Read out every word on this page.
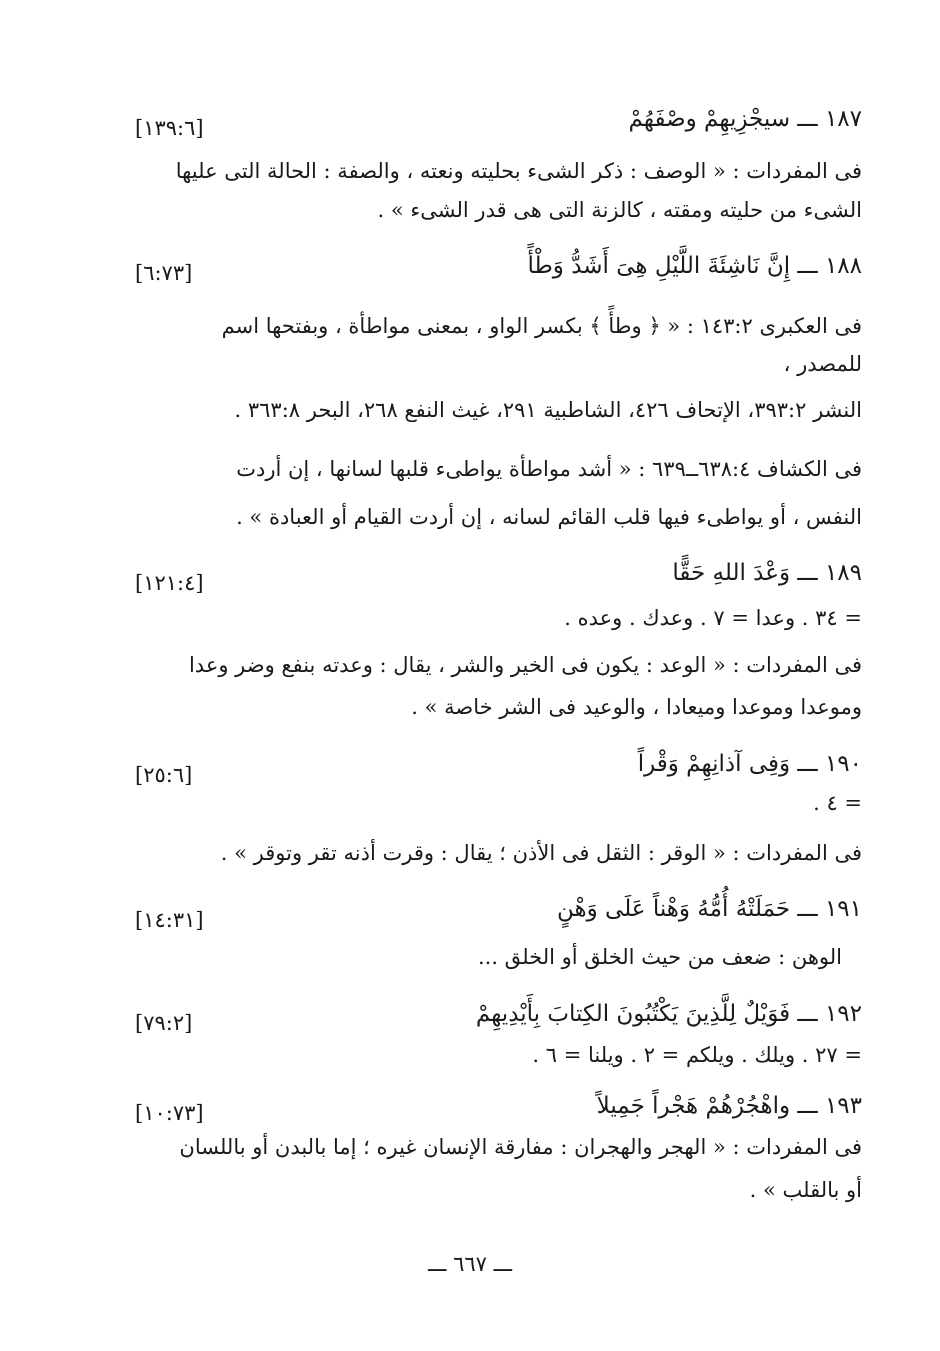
١٨٧ ـــ سيجْزِيهِمْ وصْفَهُمْ
[١٣٩:٦]
فى المفردات : « الوصف : ذكر الشىء بحليته ونعته ، والصفة : الحالة التى عليها
الشىء من حليته ومقته ، كالزنة التى هى قدر الشىء » .
١٨٨ ـــ إِنَّ نَاشِئَةَ اللَّيْلِ هِىَ أَشَدُّ وَطْأً
[٦:٧٣]
فى العكبرى ١٤٣:٢ : « ﴿ وطأً ﴾ بكسر الواو ، بمعنى مواطأة ، وبفتحها اسم
للمصدر ،
النشر ٣٩٣:٢، الإتحاف ٤٢٦، الشاطبية ٢٩١، غيث النفع ٢٦٨، البحر ٣٦٣:٨ .
فى الكشاف ٦٣٨:٤ــ٦٣٩ : « أشد مواطأة يواطىء قلبها لسانها ، إن أردت
النفس ، أو يواطىء فيها قلب القائم لسانه ، إن أردت القيام أو العبادة » .
١٨٩ ـــ وَعْدَ اللهِ حَقًّا
[١٢١:٤]
= ٣٤ . وعدا = ٧ . وعدك . وعده .
فى المفردات : « الوعد : يكون فى الخير والشر ، يقال : وعدته بنفع وضر وعدا
وموعدا وموعدا وميعادا ، والوعيد فى الشر خاصة » .
١٩٠ ـــ وَفِى آذانِهِمْ وَقْراً
[٢٥:٦]
= ٤ .
فى المفردات : « الوقر : الثقل فى الأذن ؛ يقال : وقرت أذنه تقر وتوقر » .
١٩١ ـــ حَمَلَتْهُ أُمُّهُ وَهْناً عَلَى وَهْنٍ
[١٤:٣١]
الوهن : ضعف من حيث الخلق أو الخلق ...
١٩٢ ـــ فَوَيْلٌ لِلَّذِينَ يَكْتُبُونَ الكِتابَ بِأَيْدِيهِمْ
[٧٩:٢]
= ٢٧ . ويلك . ويلكم = ٢ . ويلنا = ٦ .
١٩٣ ـــ واهْجُرْهُمْ هَجْراً جَمِيلاً
[١٠:٧٣]
فى المفردات : « الهجر والهجران : مفارقة الإنسان غيره ؛ إما بالبدن أو باللسان
أو بالقلب » .
ـــ ٦٦٧ ـــ
